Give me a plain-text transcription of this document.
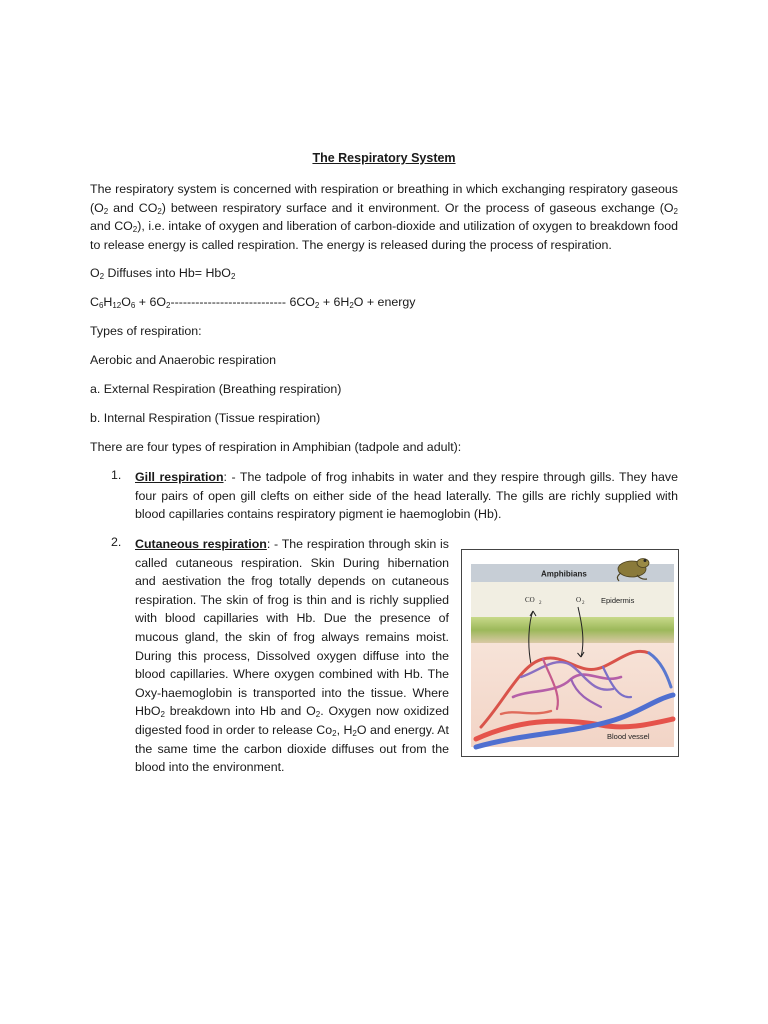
The Respiratory System
The respiratory system is concerned with respiration or breathing in which exchanging respiratory gaseous ($O_2$ and $CO_2$) between respiratory surface and it environment. Or the process of gaseous exchange ($O_2$ and $CO_2$), i.e. intake of oxygen and liberation of carbon-dioxide and utilization of oxygen to breakdown food to release energy is called respiration. The energy is released during the process of respiration.
$O_2$ Diffuses into Hb= HbO$_2$
$C_6H_{12}O_6 + 6O_2----------------------------$ $6CO_2 + 6H_2O$ + energy
Types of respiration:
Aerobic and Anaerobic respiration
a. External Respiration (Breathing respiration)
b. Internal Respiration (Tissue respiration)
There are four types of respiration in Amphibian (tadpole and adult):
1. Gill respiration: - The tadpole of frog inhabits in water and they respire through gills. They have four pairs of open gill clefts on either side of the head laterally. The gills are richly supplied with blood capillaries contains respiratory pigment ie haemoglobin (Hb).
2. Cutaneous respiration: - The respiration through skin is called cutaneous respiration. Skin During hibernation and aestivation the frog totally depends on cutaneous respiration. The skin of frog is thin and is richly supplied with blood capillaries with Hb. Due the presence of mucous gland, the skin of frog always remains moist. During this process, Dissolved oxygen diffuse into the blood capillaries. Where oxygen combined with Hb. The Oxy-haemoglobin is transported into the tissue. Where HbO$_2$ breakdown into Hb and $O_2$. Oxygen now oxidized digested food in order to release $Co_2$, $H_2O$ and energy. At the same time the carbon dioxide diffuses out from the blood into the environment.
Amphibians
CO 2	O 2 Epidermis
Blood vessel
